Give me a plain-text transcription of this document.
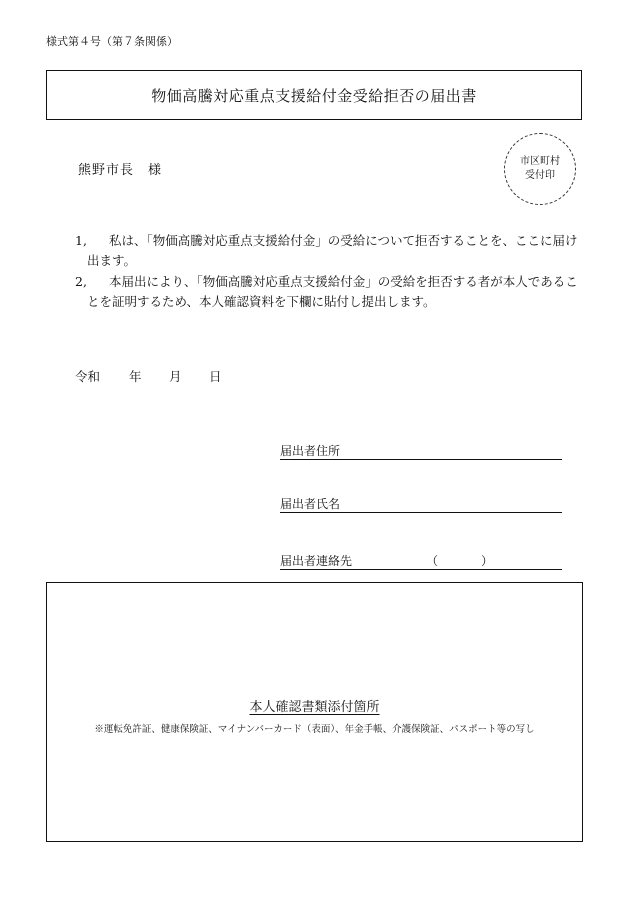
様式第４号（第７条関係）
物価高騰対応重点支援給付金受給拒否の届出書
熊野市長　様
市区町村
受付印
1,	私は、「物価高騰対応重点支援給付金」の受給について拒否することを、ここに届け出ます。
2,	本届出により、「物価高騰対応重点支援給付金」の受給を拒否する者が本人であることを証明するため、本人確認資料を下欄に貼付し提出します。
令和 年 月 日
届出者住所
届出者氏名
届出者連絡先	（	）
本人確認書類添付箇所
※運転免許証、健康保険証、マイナンバーカード（表面）、年金手帳、介護保険証、パスポート等の写し
